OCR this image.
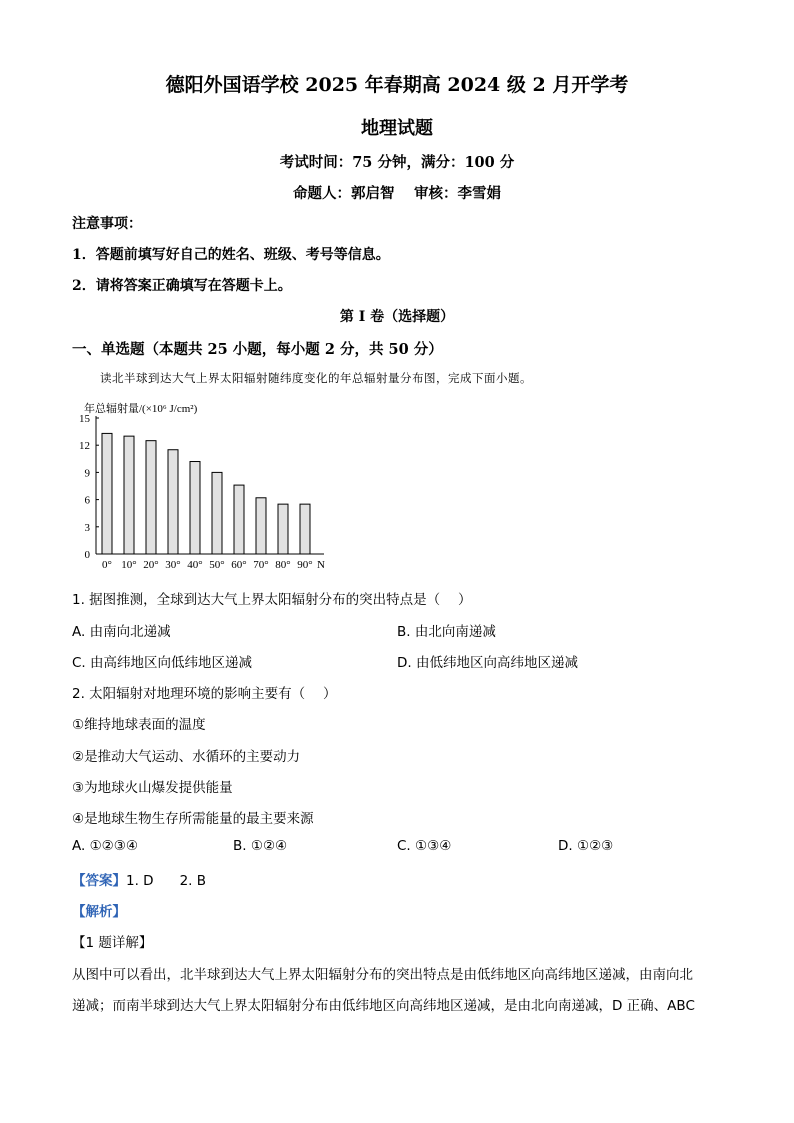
德阳外国语学校 2025 年春期高 2024 级 2 月开学考
地理试题
考试时间：75 分钟，满分：100 分
命题人：郭启智　 审核：李雪娟
注意事项：
1．答题前填写好自己的姓名、班级、考号等信息。
2．请将答案正确填写在答题卡上。
第 I 卷（选择题）
一、单选题（本题共 25 小题，每小题 2 分，共 50 分）
读北半球到达大气上界太阳辐射随纬度变化的年总辐射量分布图，完成下面小题。
年总辐射量/(×10⁶ J/cm²)
0
3
6
9
12
15
0° 10° 20° 30° 40° 50° 60° 70° 80° 90° N
1. 据图推测，全球到达大气上界太阳辐射分布的突出特点是（　 ）
A. 由南向北递减	B. 由北向南递减
C. 由高纬地区向低纬地区递减	D. 由低纬地区向高纬地区递减
2. 太阳辐射对地理环境的影响主要有（　 ）
①维持地球表面的温度
②是推动大气运动、水循环的主要动力
③为地球火山爆发提供能量
④是地球生物生存所需能量的最主要来源
A. ①②③④	B. ①②④	C. ①③④	D. ①②③
【答案】1. D 2. B
【解析】
【1 题详解】
从图中可以看出，北半球到达大气上界太阳辐射分布的突出特点是由低纬地区向高纬地区递减，由南向北
递减；而南半球到达大气上界太阳辐射分布由低纬地区向高纬地区递减，是由北向南递减，D 正确、ABC
